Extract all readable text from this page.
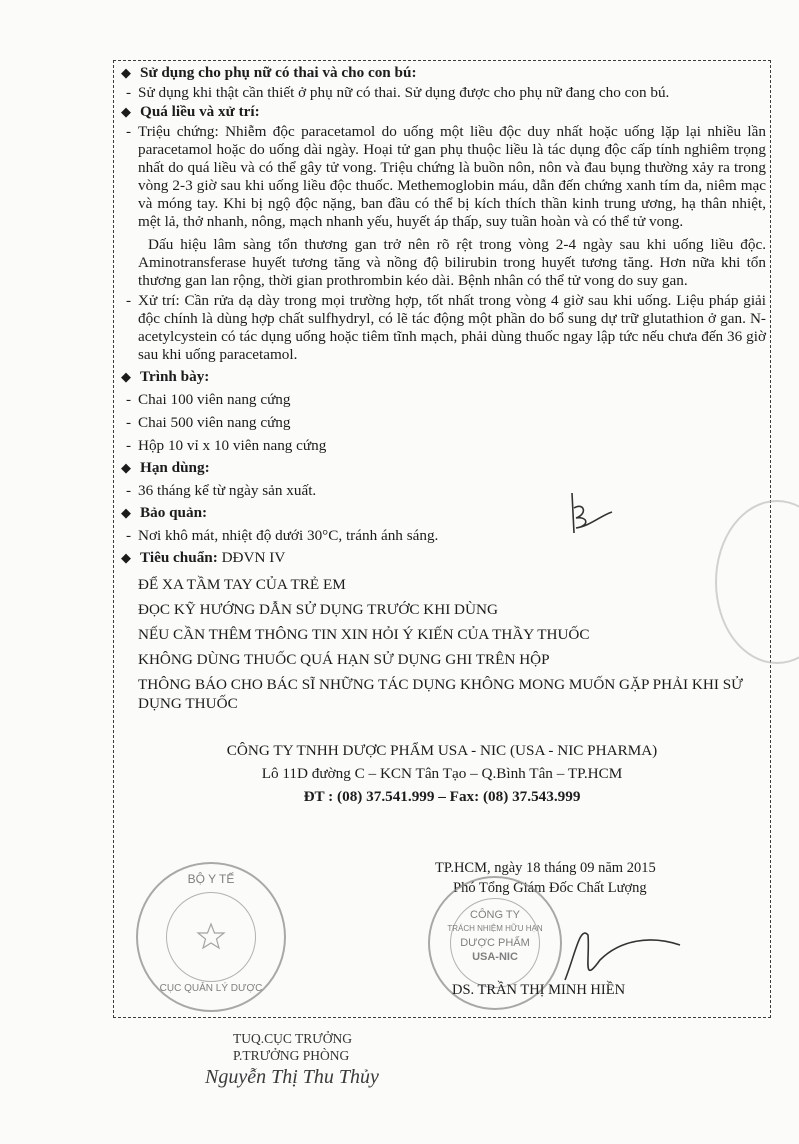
◆ Sử dụng cho phụ nữ có thai và cho con bú:
- Sử dụng khi thật cần thiết ở phụ nữ có thai. Sử dụng được cho phụ nữ đang cho con bú.
◆ Quá liều và xử trí:
- Triệu chứng: Nhiễm độc paracetamol do uống một liều độc duy nhất hoặc uống lặp lại nhiều lần paracetamol hoặc do uống dài ngày. Hoại tử gan phụ thuộc liều là tác dụng độc cấp tính nghiêm trọng nhất do quá liều và có thể gây tử vong. Triệu chứng là buồn nôn, nôn và đau bụng thường xảy ra trong vòng 2-3 giờ sau khi uống liều độc thuốc. Methemoglobin máu, dẫn đến chứng xanh tím da, niêm mạc và móng tay. Khi bị ngộ độc nặng, ban đầu có thể bị kích thích thần kinh trung ương, hạ thân nhiệt, mệt lả, thở nhanh, nông, mạch nhanh yếu, huyết áp thấp, suy tuần hoàn và có thể tử vong.
Dấu hiệu lâm sàng tổn thương gan trở nên rõ rệt trong vòng 2-4 ngày sau khi uống liều độc. Aminotransferase huyết tương tăng và nồng độ bilirubin trong huyết tương tăng. Hơn nữa khi tổn thương gan lan rộng, thời gian prothrombin kéo dài. Bệnh nhân có thể tử vong do suy gan.
- Xử trí: Cần rửa dạ dày trong mọi trường hợp, tốt nhất trong vòng 4 giờ sau khi uống. Liệu pháp giải độc chính là dùng hợp chất sulfhydryl, có lẽ tác động một phần do bổ sung dự trữ glutathion ở gan. N- acetylcystein có tác dụng uống hoặc tiêm tĩnh mạch, phải dùng thuốc ngay lập tức nếu chưa đến 36 giờ sau khi uống paracetamol.
◆ Trình bày:
- Chai 100 viên nang cứng
- Chai 500 viên nang cứng
- Hộp 10 vỉ x 10 viên nang cứng
◆ Hạn dùng:
- 36 tháng kể từ ngày sản xuất.
◆ Bảo quản:
- Nơi khô mát, nhiệt độ dưới 30°C, tránh ánh sáng.
◆ Tiêu chuẩn: DĐVN IV
ĐỂ XA TẦM TAY CỦA TRẺ EM
ĐỌC KỸ HƯỚNG DẪN SỬ DỤNG TRƯỚC KHI DÙNG
NẾU CẦN THÊM THÔNG TIN XIN HỎI Ý KIẾN CỦA THẦY THUỐC
KHÔNG DÙNG THUỐC QUÁ HẠN SỬ DỤNG GHI TRÊN HỘP
THÔNG BÁO CHO BÁC SĨ NHỮNG TÁC DỤNG KHÔNG MONG MUỐN GẶP PHẢI KHI SỬ DỤNG THUỐC
CÔNG TY TNHH DƯỢC PHẨM USA - NIC (USA - NIC PHARMA)
Lô 11D đường C – KCN Tân Tạo – Q.Bình Tân – TP.HCM
ĐT : (08) 37.541.999 – Fax: (08) 37.543.999
TP.HCM, ngày 18 tháng 09 năm 2015
Phó Tổng Giám Đốc Chất Lượng
CÔNG TY
TRÁCH NHIỆM HỮU HẠN
DƯỢC PHẨM
USA-NIC
DS. TRẦN THỊ MINH HIỀN
BỘ Y TẾ
CỤC QUẢN LÝ DƯỢC
TUQ.CỤC TRƯỞNG
P.TRƯỞNG PHÒNG
Nguyễn Thị Thu Thủy
